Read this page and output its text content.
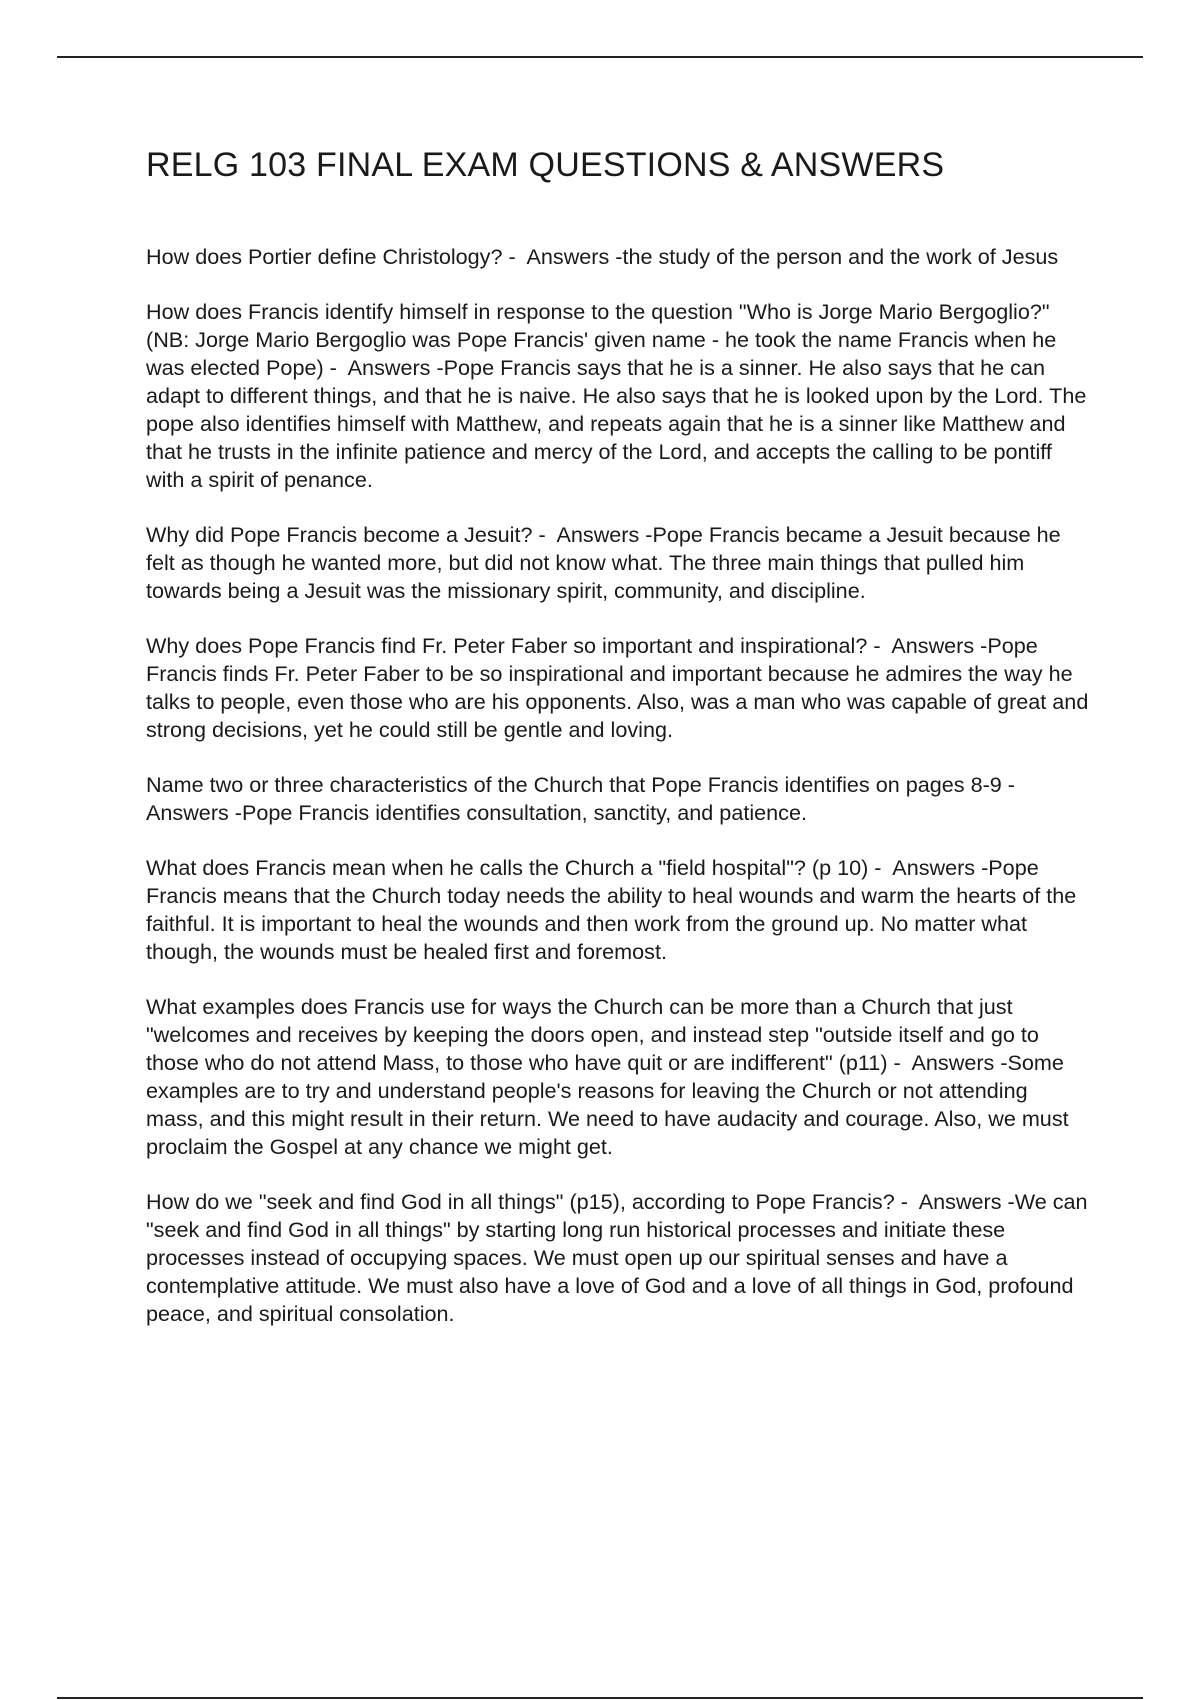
RELG 103 FINAL EXAM QUESTIONS & ANSWERS

How does Portier define Christology? -  Answers -the study of the person and the work of Jesus

How does Francis identify himself in response to the question "Who is Jorge Mario Bergoglio?" (NB: Jorge Mario Bergoglio was Pope Francis' given name - he took the name Francis when he was elected Pope) -  Answers -Pope Francis says that he is a sinner. He also says that he can adapt to different things, and that he is naive. He also says that he is looked upon by the Lord. The pope also identifies himself with Matthew, and repeats again that he is a sinner like Matthew and that he trusts in the infinite patience and mercy of the Lord, and accepts the calling to be pontiff with a spirit of penance.

Why did Pope Francis become a Jesuit? -  Answers -Pope Francis became a Jesuit because he felt as though he wanted more, but did not know what. The three main things that pulled him towards being a Jesuit was the missionary spirit, community, and discipline.

Why does Pope Francis find Fr. Peter Faber so important and inspirational? -  Answers -Pope Francis finds Fr. Peter Faber to be so inspirational and important because he admires the way he talks to people, even those who are his opponents. Also, was a man who was capable of great and strong decisions, yet he could still be gentle and loving.

Name two or three characteristics of the Church that Pope Francis identifies on pages 8-9 -  Answers -Pope Francis identifies consultation, sanctity, and patience.

What does Francis mean when he calls the Church a "field hospital"? (p 10) -  Answers -Pope Francis means that the Church today needs the ability to heal wounds and warm the hearts of the faithful. It is important to heal the wounds and then work from the ground up. No matter what though, the wounds must be healed first and foremost.

What examples does Francis use for ways the Church can be more than a Church that just "welcomes and receives by keeping the doors open, and instead step "outside itself and go to those who do not attend Mass, to those who have quit or are indifferent" (p11) -  Answers -Some examples are to try and understand people's reasons for leaving the Church or not attending mass, and this might result in their return. We need to have audacity and courage. Also, we must proclaim the Gospel at any chance we might get.

How do we "seek and find God in all things" (p15), according to Pope Francis? -  Answers -We can "seek and find God in all things" by starting long run historical processes and initiate these processes instead of occupying spaces. We must open up our spiritual senses and have a contemplative attitude. We must also have a love of God and a love of all things in God, profound peace, and spiritual consolation.
